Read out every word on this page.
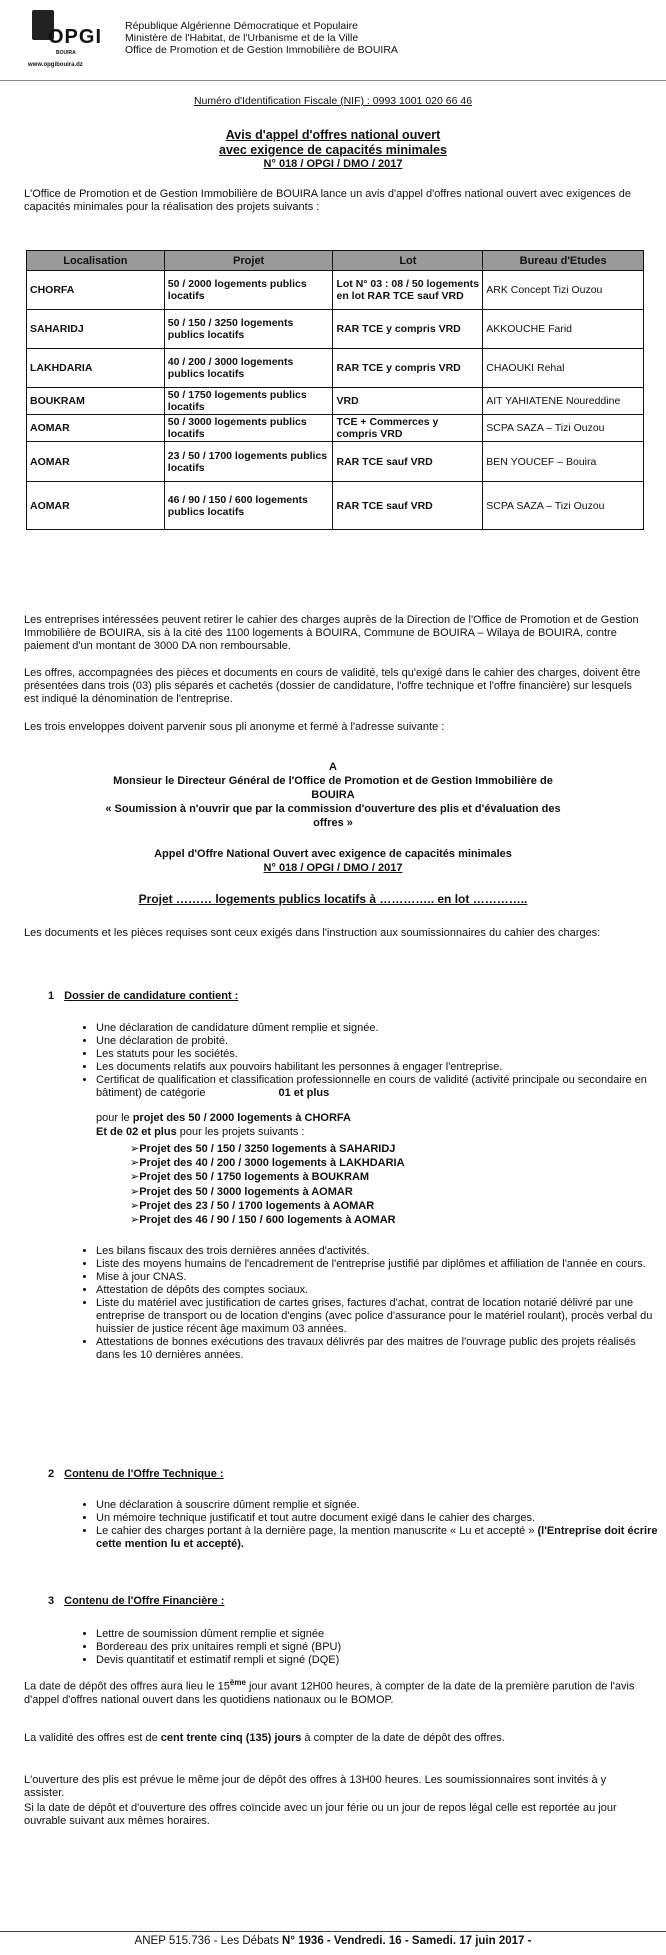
OPGI
BOUIRA
www.opgibouira.dz
République Algérienne Démocratique et Populaire
Ministère de l'Habitat, de l'Urbanisme et de la Ville
Office de Promotion et de Gestion Immobilière de BOUIRA
Numéro d'Identification Fiscale (NIF) : 0993 1001 020 66 46
Avis d'appel d'offres national ouvert
avec exigence de capacités minimales
N° 018 / OPGI / DMO / 2017
L'Office de Promotion et de Gestion Immobilière de BOUIRA lance un avis d'appel d'offres national ouvert avec exigences de capacités minimales pour la réalisation des projets suivants :
Localisation	Projet	Lot	Bureau d'Etudes
CHORFA	50 / 2000 logements publics locatifs	Lot N° 03 : 08 / 50 logements en lot RAR TCE sauf VRD	ARK Concept Tizi Ouzou
SAHARIDJ	50 / 150 / 3250 logements publics locatifs	RAR TCE y compris VRD	AKKOUCHE Farid
LAKHDARIA	40 / 200 / 3000 logements publics locatifs	RAR TCE y compris VRD	CHAOUKI Rehal
BOUKRAM	50 / 1750 logements publics locatifs	VRD	AIT YAHIATENE Noureddine
AOMAR	50 / 3000 logements publics locatifs	TCE + Commerces y compris VRD	SCPA SAZA – Tizi Ouzou
AOMAR	23 / 50 / 1700 logements publics locatifs	RAR TCE sauf VRD	BEN YOUCEF – Bouira
AOMAR	46 / 90 / 150 / 600 logements publics locatifs	RAR TCE sauf VRD	SCPA SAZA – Tizi Ouzou
Les entreprises intéressées peuvent retirer le cahier des charges auprès de la Direction de l'Office de Promotion et de Gestion Immobilière de BOUIRA, sis à la cité des 1100 logements à BOUIRA, Commune de BOUIRA – Wilaya de BOUIRA, contre paiement d'un montant de 3000 DA non remboursable.
Les offres, accompagnées des pièces et documents en cours de validité, tels qu'exigé dans le cahier des charges, doivent être présentées dans trois (03) plis séparés et cachetés (dossier de candidature, l'offre technique et l'offre financière) sur lesquels est indiqué la dénomination de l'entreprise.
Les trois enveloppes doivent parvenir sous pli anonyme et fermé à l'adresse suivante :
A
Monsieur le Directeur Général de l'Office de Promotion et de Gestion Immobilière de
BOUIRA
« Soumission à n'ouvrir que par la commission d'ouverture des plis et d'évaluation des
offres »
Appel d'Offre National Ouvert avec exigence de capacités minimales
N° 018 / OPGI / DMO / 2017
Projet ……… logements publics locatifs à ………….. en lot …………..
Les documents et les pièces requises sont ceux exigés dans l'instruction aux soumissionnaires du cahier des charges:
1 Dossier de candidature contient :
• Une déclaration de candidature dûment remplie et signée.
• Une déclaration de probité.
• Les statuts pour les sociétés.
• Les documents relatifs aux pouvoirs habilitant les personnes à engager l'entreprise.
• Certificat de qualification et classification professionnelle en cours de validité (activité principale ou secondaire en bâtiment) de catégorie	01 et plus
pour le projet des 50 / 2000 logements à CHORFA
Et de 02 et plus pour les projets suivants :
➢ Projet des 50 / 150 / 3250 logements à SAHARIDJ
➢ Projet des 40 / 200 / 3000 logements à LAKHDARIA
➢ Projet des 50 / 1750 logements à BOUKRAM
➢ Projet des 50 / 3000 logements à AOMAR
➢ Projet des 23 / 50 / 1700 logements à AOMAR
➢ Projet des 46 / 90 / 150 / 600 logements à AOMAR
• Les bilans fiscaux des trois dernières années d'activités.
• Liste des moyens humains de l'encadrement de l'entreprise justifié par diplômes et affiliation de l'année en cours.
• Mise à jour CNAS.
• Attestation de dépôts des comptes sociaux.
• Liste du matériel avec justification de cartes grises, factures d'achat, contrat de location notarié délivré par une entreprise de transport ou de location d'engins (avec police d'assurance pour le matériel roulant), procès verbal du huissier de justice récent âge maximum 03 années.
• Attestations de bonnes exécutions des travaux délivrés par des maitres de l'ouvrage public des projets réalisés dans les 10 dernières années.
2 Contenu de l'Offre Technique :
• Une déclaration à souscrire dûment remplie et signée.
• Un mémoire technique justificatif et tout autre document exigé dans le cahier des charges.
• Le cahier des charges portant à la dernière page, la mention manuscrite « Lu et accepté » (l'Entreprise doit écrire cette mention lu et accepté).
3 Contenu de l'Offre Financière :
• Lettre de soumission dûment remplie et signée
• Bordereau des prix unitaires rempli et signé (BPU)
• Devis quantitatif et estimatif rempli et signé (DQE)
La date de dépôt des offres aura lieu le 15ème jour avant 12H00 heures, à compter de la date de la première parution de l'avis d'appel d'offres national ouvert dans les quotidiens nationaux ou le BOMOP.
La validité des offres est de cent trente cinq (135) jours à compter de la date de dépôt des offres.
L'ouverture des plis est prévue le même jour de dépôt des offres à 13H00 heures. Les soumissionnaires sont invités à y assister.
Si la date de dépôt et d'ouverture des offres coïncide avec un jour férie ou un jour de repos légal celle est reportée au jour ouvrable suivant aux mêmes horaires.
ANEP 515.736 - Les Débats N° 1936 - Vendredi. 16 - Samedi. 17 juin 2017 -
